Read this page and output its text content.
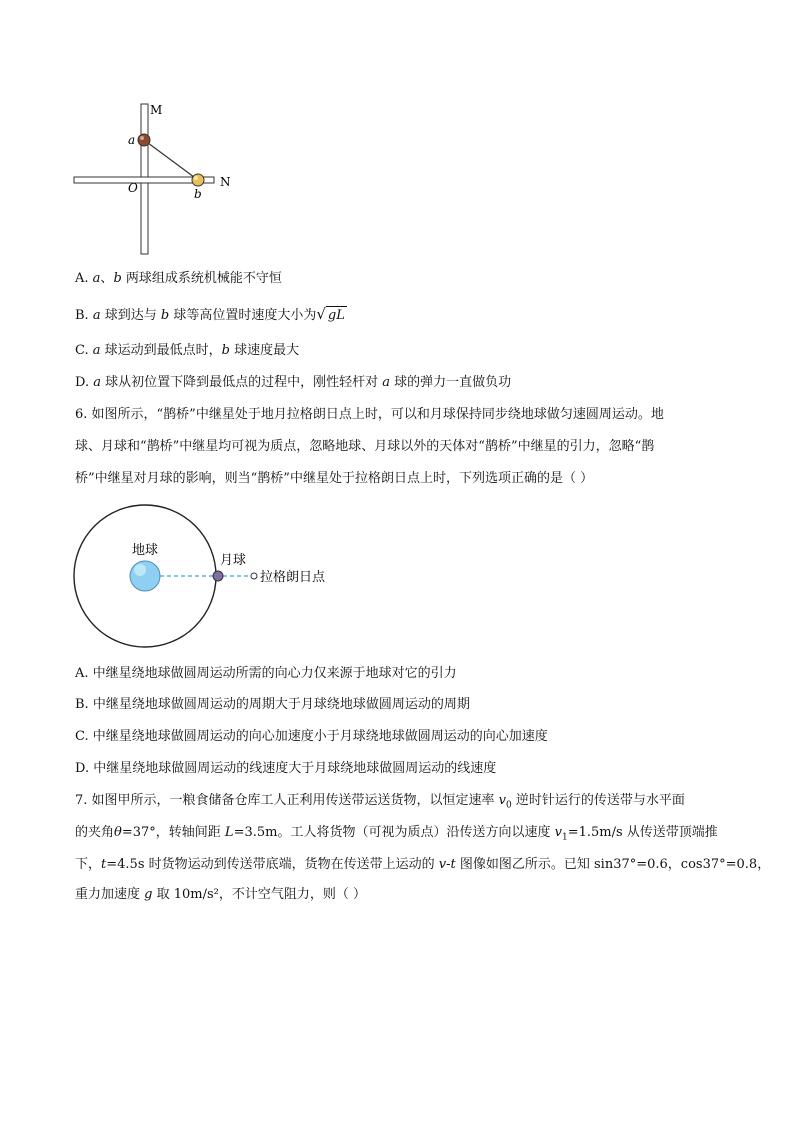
M
N
a
b
O
A. a、b 两球组成系统机械能不守恒
B. a 球到达与 b 球等高位置时速度大小为√ gL
C. a 球运动到最低点时，b 球速度最大
D. a 球从初位置下降到最低点的过程中，刚性轻杆对 a 球的弹力一直做负功
6. 如图所示，“鹊桥”中继星处于地月拉格朗日点上时，可以和月球保持同步绕地球做匀速圆周运动。地
球、月球和“鹊桥”中继星均可视为质点，忽略地球、月球以外的天体对“鹊桥”中继星的引力，忽略“鹊
桥”中继星对月球的影响，则当“鹊桥”中继星处于拉格朗日点上时，下列选项正确的是（ ）
地球
月球
拉格朗日点
A. 中继星绕地球做圆周运动所需的向心力仅来源于地球对它的引力
B. 中继星绕地球做圆周运动的周期大于月球绕地球做圆周运动的周期
C. 中继星绕地球做圆周运动的向心加速度小于月球绕地球做圆周运动的向心加速度
D. 中继星绕地球做圆周运动的线速度大于月球绕地球做圆周运动的线速度
7. 如图甲所示，一粮食储备仓库工人正利用传送带运送货物，以恒定速率 $v_0$ 逆时针运行的传送带与水平面
的夹角θ=37°，转轴间距 L=3.5m。工人将货物（可视为质点）沿传送方向以速度 $v_1=1.5m/s$ 从传送带顶端推
下，t=4.5s 时货物运动到传送带底端，货物在传送带上运动的 v-t 图像如图乙所示。已知 sin37°=0.6，cos37°=0.8，
重力加速度 g 取 10m/s²，不计空气阻力，则（ ）
